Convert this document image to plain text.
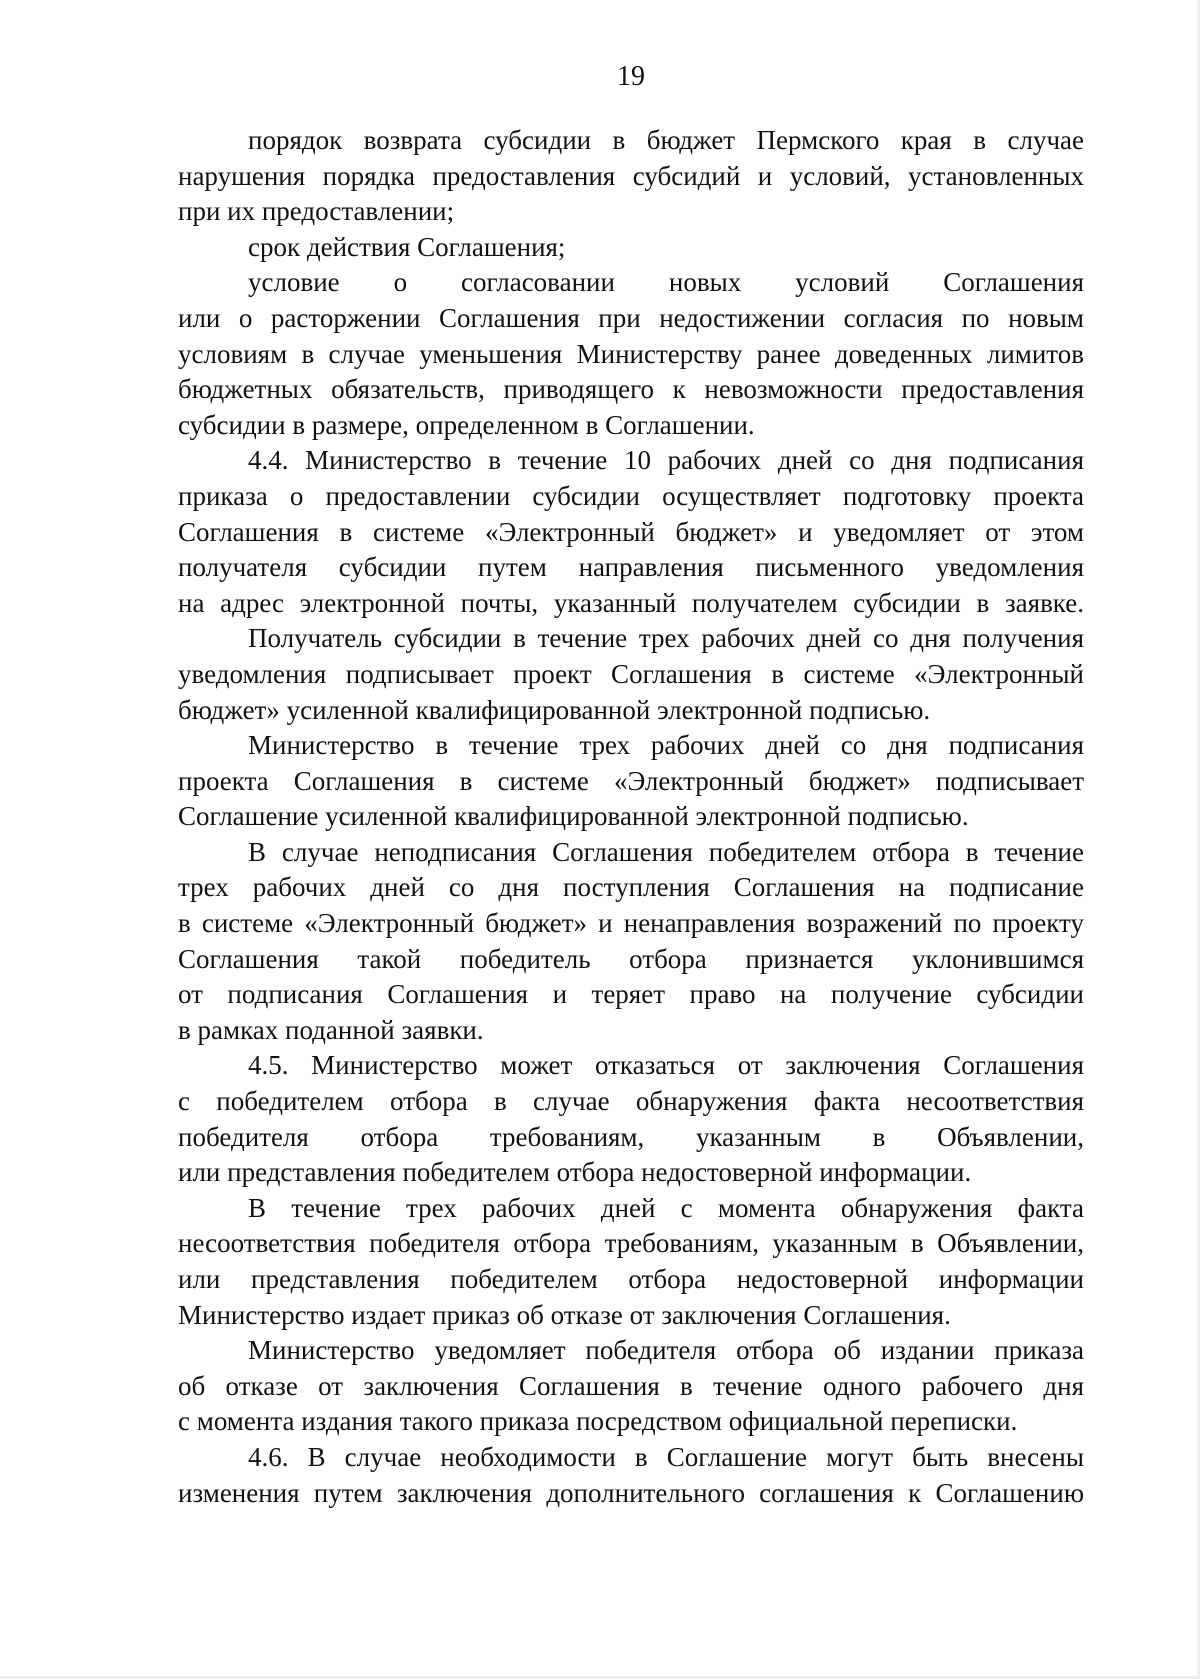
19
порядок возврата субсидии в бюджет Пермского края в случае
нарушения порядка предоставления субсидий и условий, установленных
при их предоставлении;
срок действия Соглашения;
условие о согласовании новых условий Соглашения
или о расторжении Соглашения при недостижении согласия по новым
условиям в случае уменьшения Министерству ранее доведенных лимитов
бюджетных обязательств, приводящего к невозможности предоставления
субсидии в размере, определенном в Соглашении.
4.4. Министерство в течение 10 рабочих дней со дня подписания
приказа о предоставлении субсидии осуществляет подготовку проекта
Соглашения в системе «Электронный бюджет» и уведомляет от этом
получателя субсидии путем направления письменного уведомления
на адрес электронной почты, указанный получателем субсидии в заявке.
Получатель субсидии в течение трех рабочих дней со дня получения
уведомления подписывает проект Соглашения в системе «Электронный
бюджет» усиленной квалифицированной электронной подписью.
Министерство в течение трех рабочих дней со дня подписания
проекта Соглашения в системе «Электронный бюджет» подписывает
Соглашение усиленной квалифицированной электронной подписью.
В случае неподписания Соглашения победителем отбора в течение
трех рабочих дней со дня поступления Соглашения на подписание
в системе «Электронный бюджет» и ненаправления возражений по проекту
Соглашения такой победитель отбора признается уклонившимся
от подписания Соглашения и теряет право на получение субсидии
в рамках поданной заявки.
4.5. Министерство может отказаться от заключения Соглашения
с победителем отбора в случае обнаружения факта несоответствия
победителя отбора требованиям, указанным в Объявлении,
или представления победителем отбора недостоверной информации.
В течение трех рабочих дней с момента обнаружения факта
несоответствия победителя отбора требованиям, указанным в Объявлении,
или представления победителем отбора недостоверной информации
Министерство издает приказ об отказе от заключения Соглашения.
Министерство уведомляет победителя отбора об издании приказа
об отказе от заключения Соглашения в течение одного рабочего дня
с момента издания такого приказа посредством официальной переписки.
4.6. В случае необходимости в Соглашение могут быть внесены
изменения путем заключения дополнительного соглашения к Соглашению
